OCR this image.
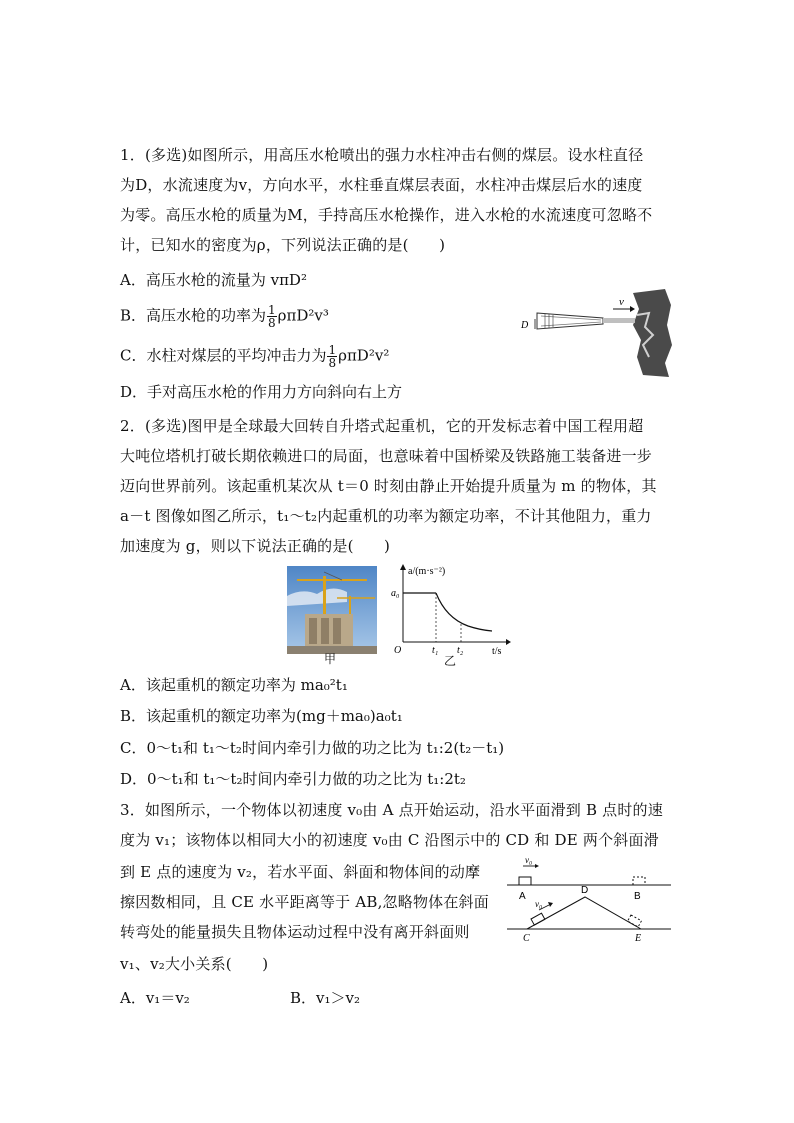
1．(多选)如图所示，用高压水枪喷出的强力水柱冲击右侧的煤层。设水柱直径
为D，水流速度为v，方向水平，水柱垂直煤层表面，水柱冲击煤层后水的速度
为零。高压水枪的质量为M，手持高压水枪操作，进入水枪的水流速度可忽略不
计，已知水的密度为ρ，下列说法正确的是(　　)
A．高压水枪的流量为 vπD²
B．高压水枪的功率为 $\frac{1}{8} \rho\pi D^2v^3$
C．水柱对煤层的平均冲击力为 $\frac{1}{8} \rho\pi D^2v^2$
D．手对高压水枪的作用力方向斜向右上方
v
D
2．(多选)图甲是全球最大回转自升塔式起重机，它的开发标志着中国工程用超
大吨位塔机打破长期依赖进口的局面，也意味着中国桥梁及铁路施工装备进一步
迈向世界前列。该起重机某次从 t＝0 时刻由静止开始提升质量为 m 的物体，其
a－t 图像如图乙所示，t₁～t₂内起重机的功率为额定功率，不计其他阻力，重力
加速度为 g，则以下说法正确的是(　　)
甲
a/(m·s⁻²)
t/s
O
a₀
t₁ t₂
乙
A．该起重机的额定功率为 ma₀²t₁
B．该起重机的额定功率为(mg＋ma₀)a₀t₁
C．0～t₁和 t₁～t₂时间内牵引力做的功之比为 t₁:2(t₂－t₁)
D．0～t₁和 t₁～t₂时间内牵引力做的功之比为 t₁:2t₂
3．如图所示，一个物体以初速度 v₀由 A 点开始运动，沿水平面滑到 B 点时的速
度为 v₁；该物体以相同大小的初速度 v₀由 C 沿图示中的 CD 和 DE 两个斜面滑
到 E 点的速度为 v₂，若水平面、斜面和物体间的动摩
擦因数相同，且 CE 水平距离等于 AB,忽略物体在斜面
转弯处的能量损失且物体运动过程中没有离开斜面则
v₁、v₂大小关系(　　)
v₀
A	B
v₀
D
C	E
A．v₁＝v₂	B．v₁＞v₂
